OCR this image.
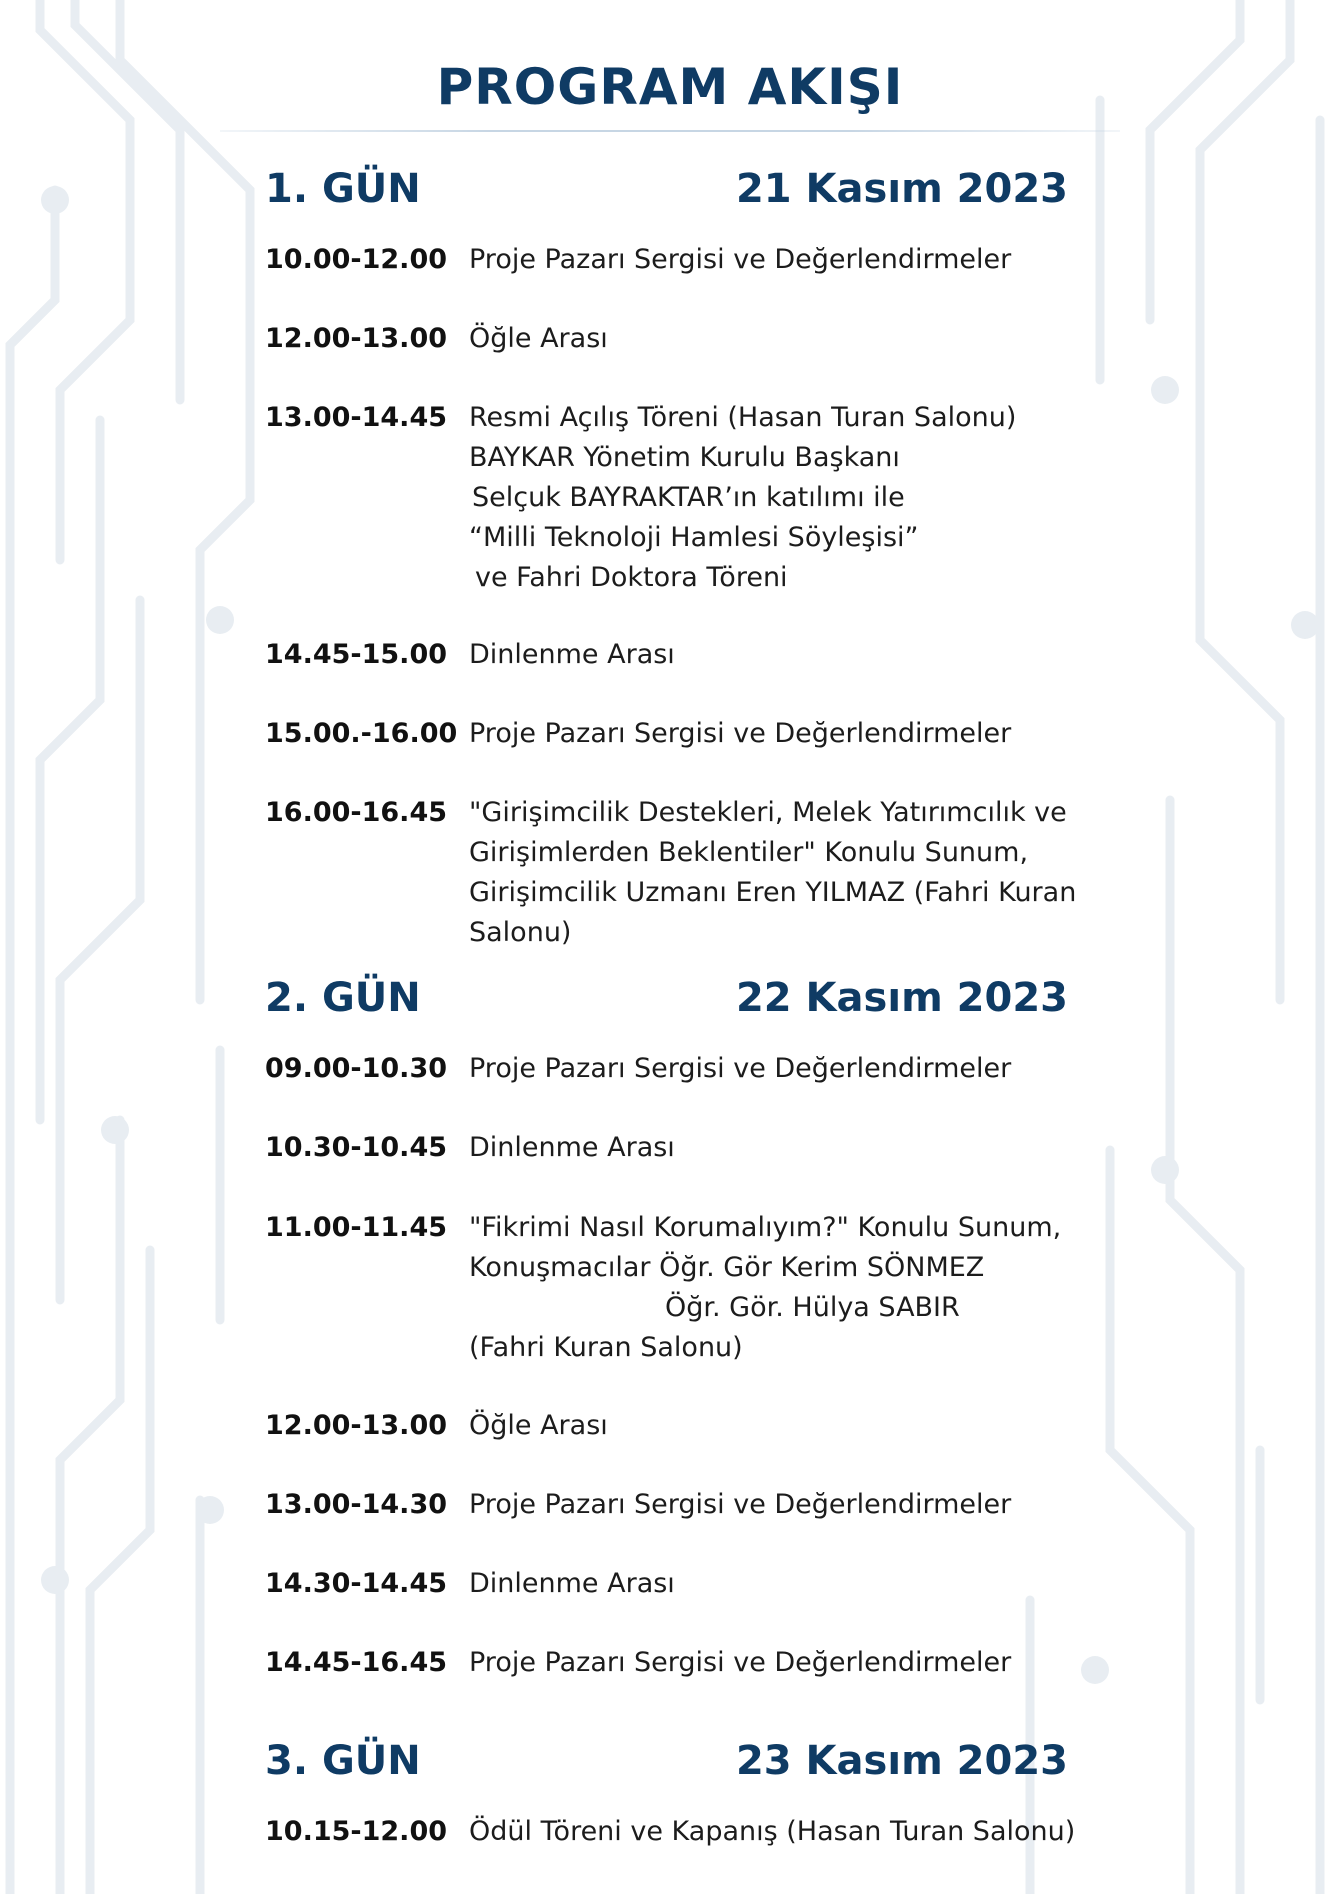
PROGRAM AKIŞI
1. GÜN	21 Kasım 2023
10.00-12.00 Proje Pazarı Sergisi ve Değerlendirmeler
12.00-13.00 Öğle Arası
13.00-14.45 Resmi Açılış Töreni (Hasan Turan Salonu)
BAYKAR Yönetim Kurulu Başkanı
Selçuk BAYRAKTAR’ın katılımı ile
“Milli Teknoloji Hamlesi Söyleşisi”
ve Fahri Doktora Töreni
14.45-15.00 Dinlenme Arası
15.00.-16.00 Proje Pazarı Sergisi ve Değerlendirmeler
16.00-16.45 "Girişimcilik Destekleri, Melek Yatırımcılık ve
Girişimlerden Beklentiler" Konulu Sunum,
Girişimcilik Uzmanı Eren YILMAZ (Fahri Kuran
Salonu)
2. GÜN	22 Kasım 2023
09.00-10.30 Proje Pazarı Sergisi ve Değerlendirmeler
10.30-10.45 Dinlenme Arası
11.00-11.45 "Fikrimi Nasıl Korumalıyım?" Konulu Sunum,
Konuşmacılar Öğr. Gör Kerim SÖNMEZ
Öğr. Gör. Hülya SABIR
(Fahri Kuran Salonu)
12.00-13.00 Öğle Arası
13.00-14.30 Proje Pazarı Sergisi ve Değerlendirmeler
14.30-14.45 Dinlenme Arası
14.45-16.45 Proje Pazarı Sergisi ve Değerlendirmeler
3. GÜN	23 Kasım 2023
10.15-12.00 Ödül Töreni ve Kapanış (Hasan Turan Salonu)
